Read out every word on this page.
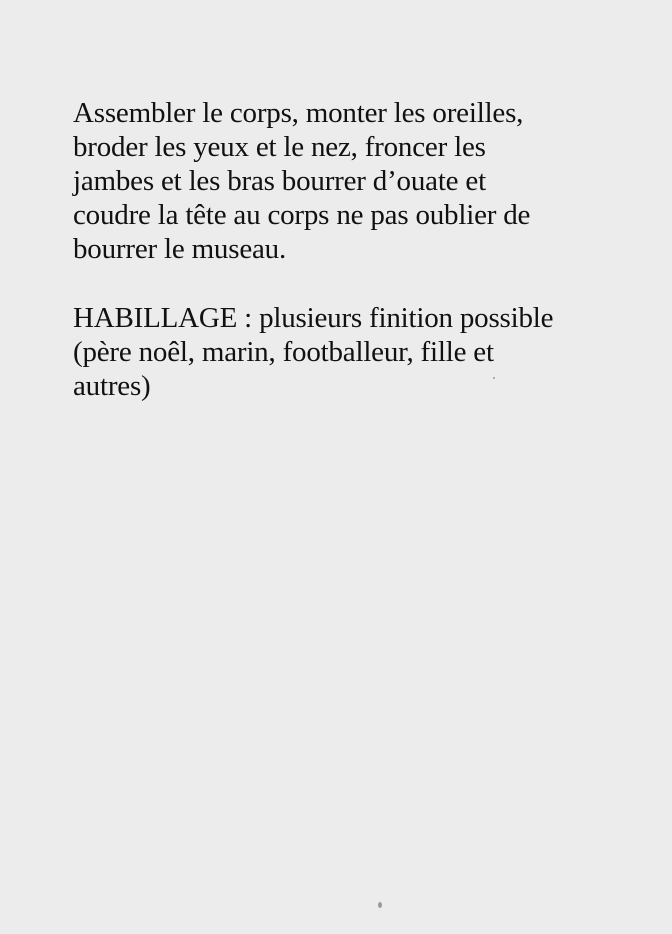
Assembler le corps, monter les oreilles,
broder les yeux et le nez, froncer les
jambes et les bras bourrer d’ouate et
coudre la tête au corps ne pas oublier de
bourrer le museau.
HABILLAGE : plusieurs finition possible
(père noêl, marin, footballeur, fille et
autres)
